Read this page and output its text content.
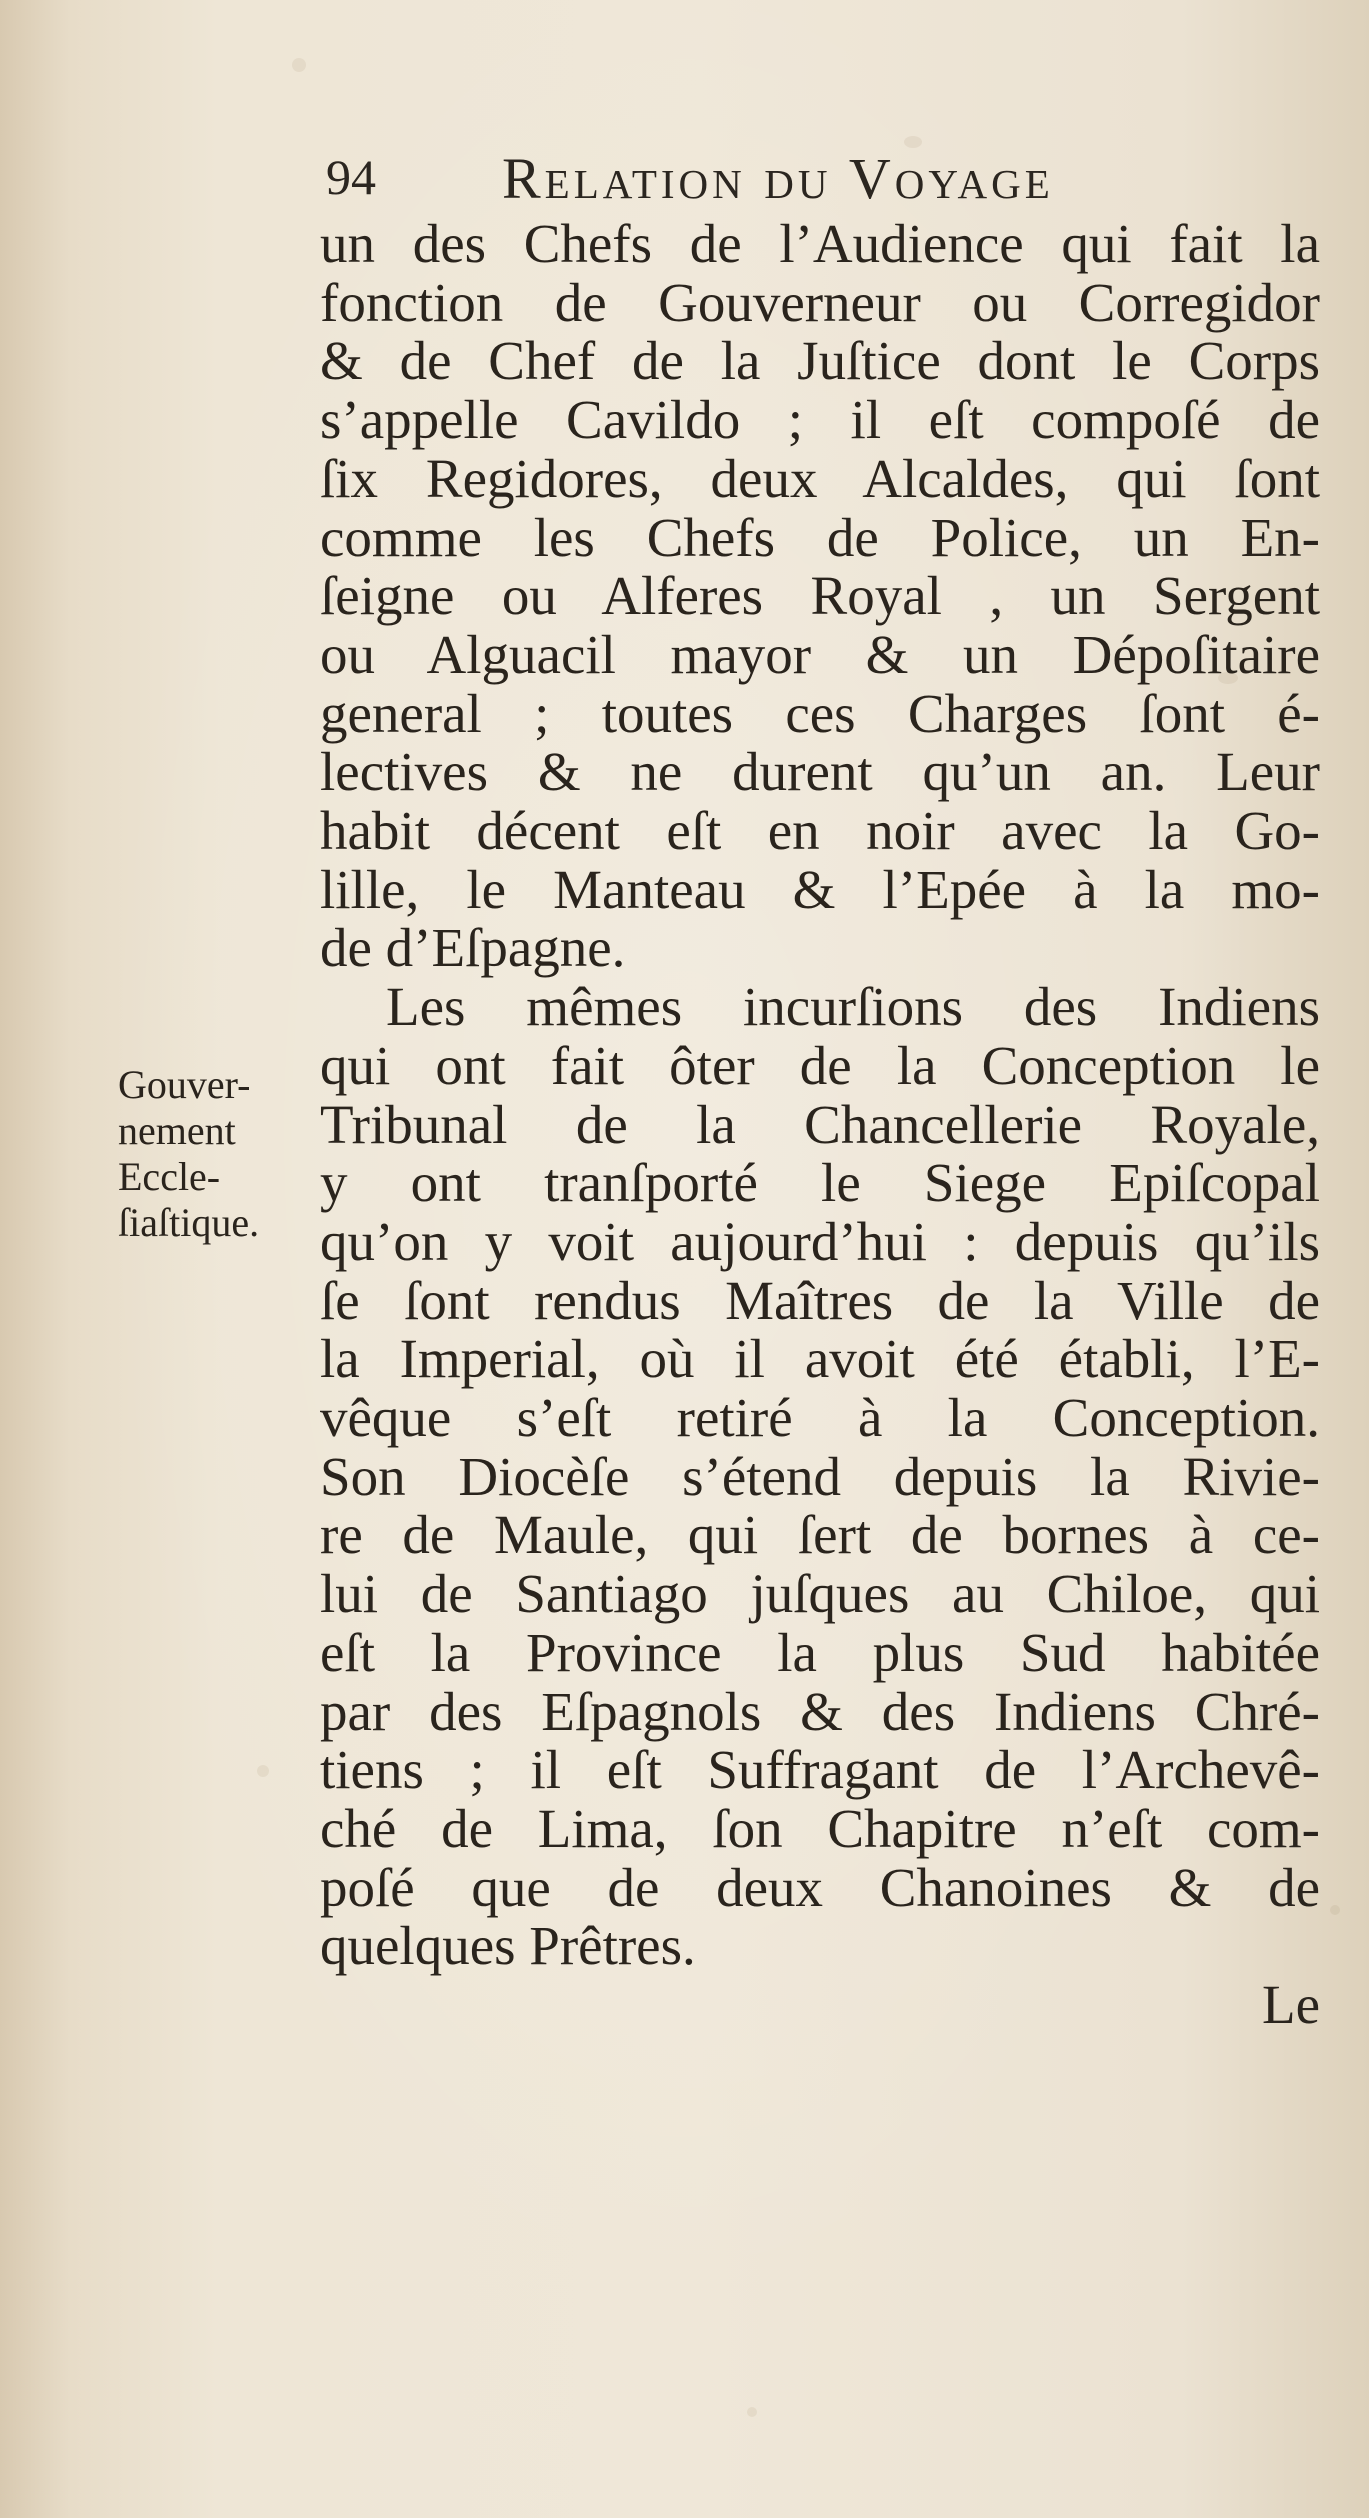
94 Relation du Voyage
Gouver-
nement
Eccle-
ſiaſtique.
un des Chefs de l’Audience qui fait la
fonction de Gouverneur ou Corregidor
& de Chef de la Juſtice dont le Corps
s’appelle Cavildo ; il eſt compoſé de
ſix Regidores, deux Alcaldes, qui ſont
comme les Chefs de Police, un En-
ſeigne ou Alferes Royal , un Sergent
ou Alguacil mayor & un Dépoſitaire
general ; toutes ces Charges ſont é-
lectives & ne durent qu’un an. Leur
habit décent eſt en noir avec la Go-
lille, le Manteau & l’Epée à la mo-
de d’Eſpagne.
Les mêmes incurſions des Indiens
qui ont fait ôter de la Conception le
Tribunal de la Chancellerie Royale,
y ont tranſporté le Siege Epiſcopal
qu’on y voit aujourd’hui : depuis qu’ils
ſe ſont rendus Maîtres de la Ville de
la Imperial, où il avoit été établi, l’E-
vêque s’eſt retiré à la Conception.
Son Diocèſe s’étend depuis la Rivie-
re de Maule, qui ſert de bornes à ce-
lui de Santiago juſques au Chiloe, qui
eſt la Province la plus Sud habitée
par des Eſpagnols & des Indiens Chré-
tiens ; il eſt Suffragant de l’Archevê-
ché de Lima, ſon Chapitre n’eſt com-
poſé que de deux Chanoines & de
quelques Prêtres.
Le
